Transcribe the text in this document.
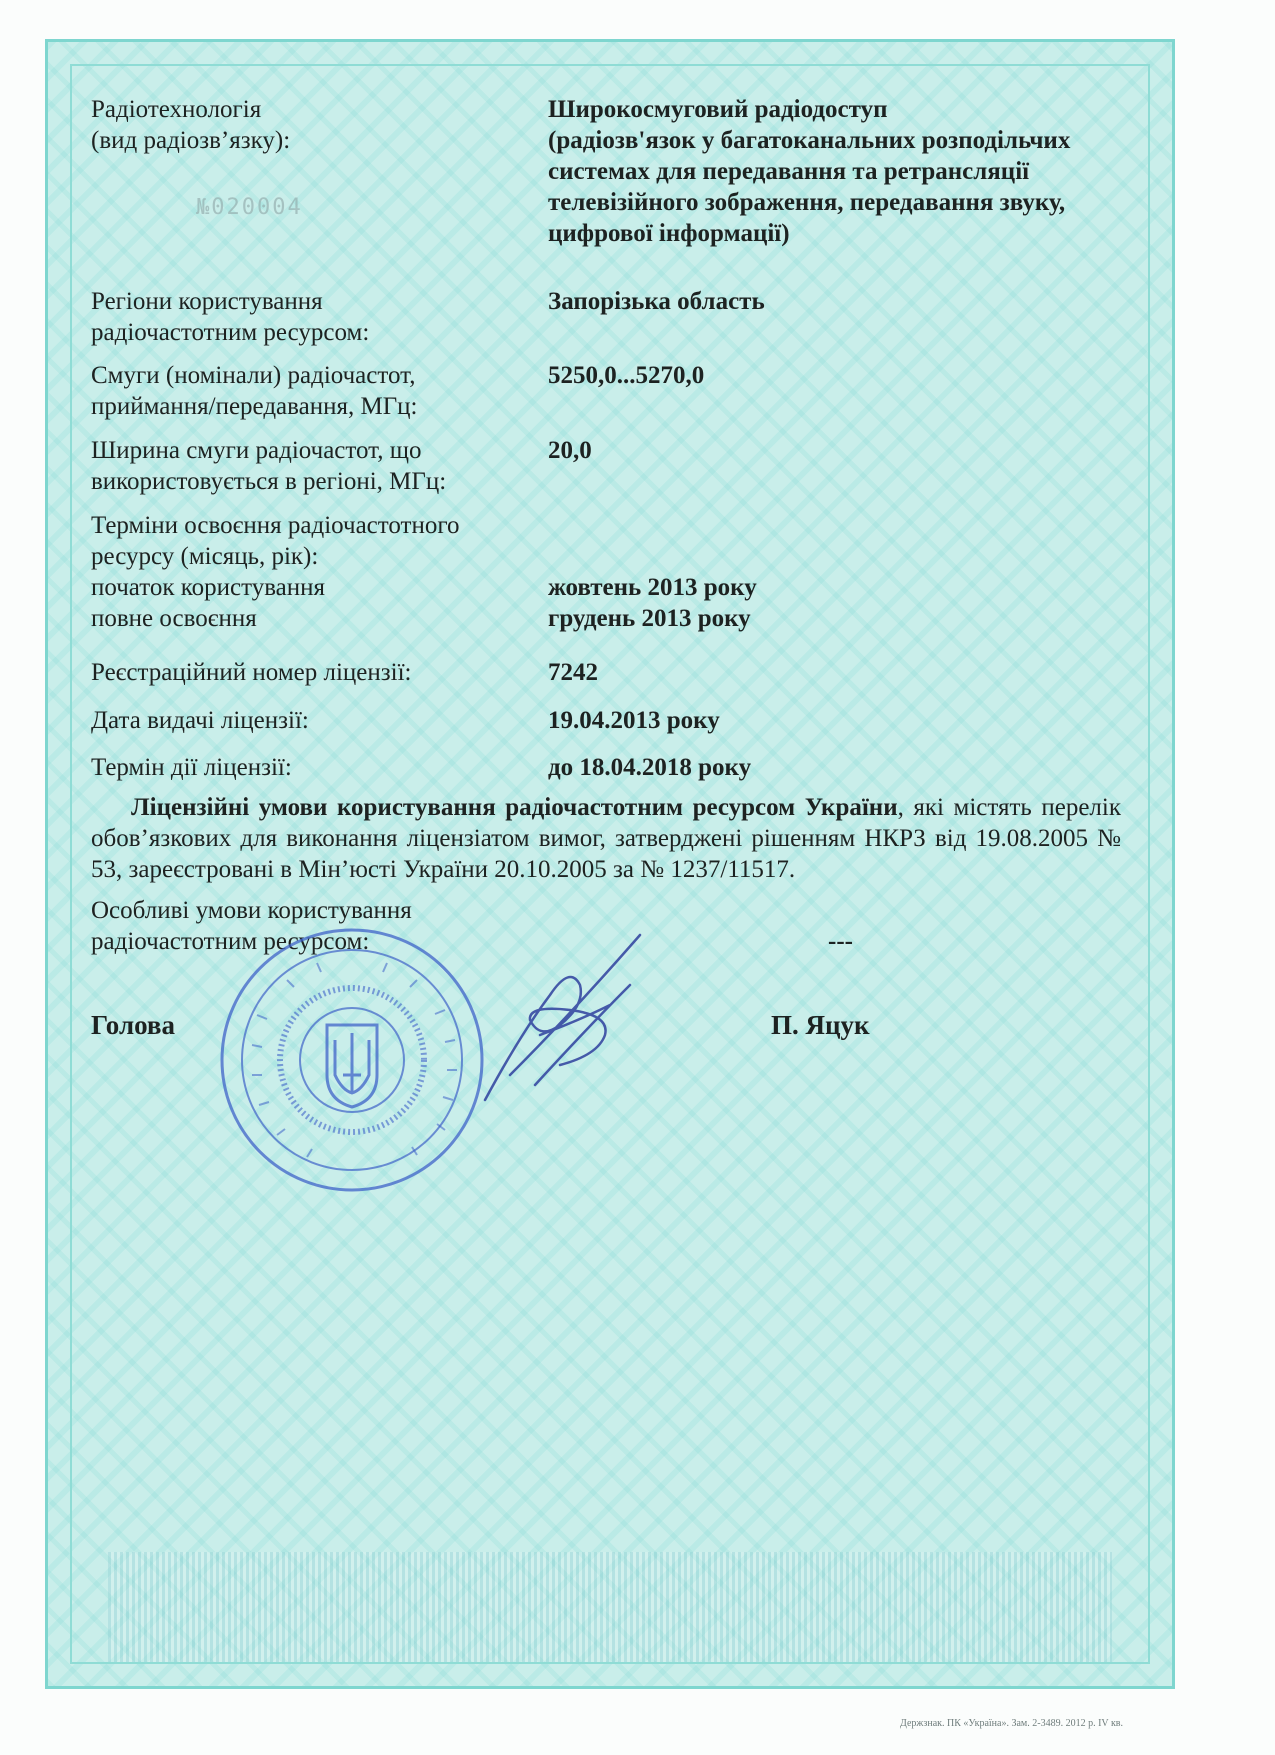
№020004
Радіотехнологія
(вид радіозв’язку):
Широкосмуговий радіодоступ
(радіозв'язок у багатоканальних розподільчих
системах для передавання та ретрансляції
телевізійного зображення, передавання звуку,
цифрової інформації)
Регіони користування
радіочастотним ресурсом:
Запорізька область
Смуги (номінали) радіочастот,
приймання/передавання, МГц:
5250,0...5270,0
Ширина смуги радіочастот, що
використовується в регіоні, МГц:
20,0
Терміни освоєння радіочастотного
ресурсу (місяць, рік):
початок користування
повне освоєння
жовтень 2013 року
грудень 2013 року
Реєстраційний номер ліцензії:	7242
Дата видачі ліцензії:	19.04.2013 року
Термін дії ліцензії:	до 18.04.2018 року
Ліцензійні умови користування радіочастотним ресурсом України, які містять перелік обов’язкових для виконання ліцензіатом вимог, затверджені рішенням НКРЗ від 19.08.2005 № 53, зареєстровані в Мін’юсті України 20.10.2005 за № 1237/11517.
Особливі умови користування
радіочастотним ресурсом:	---
Голова	П. Яцук
Держзнак. ПК «Україна». Зам. 2-3489. 2012 р. IV кв.
